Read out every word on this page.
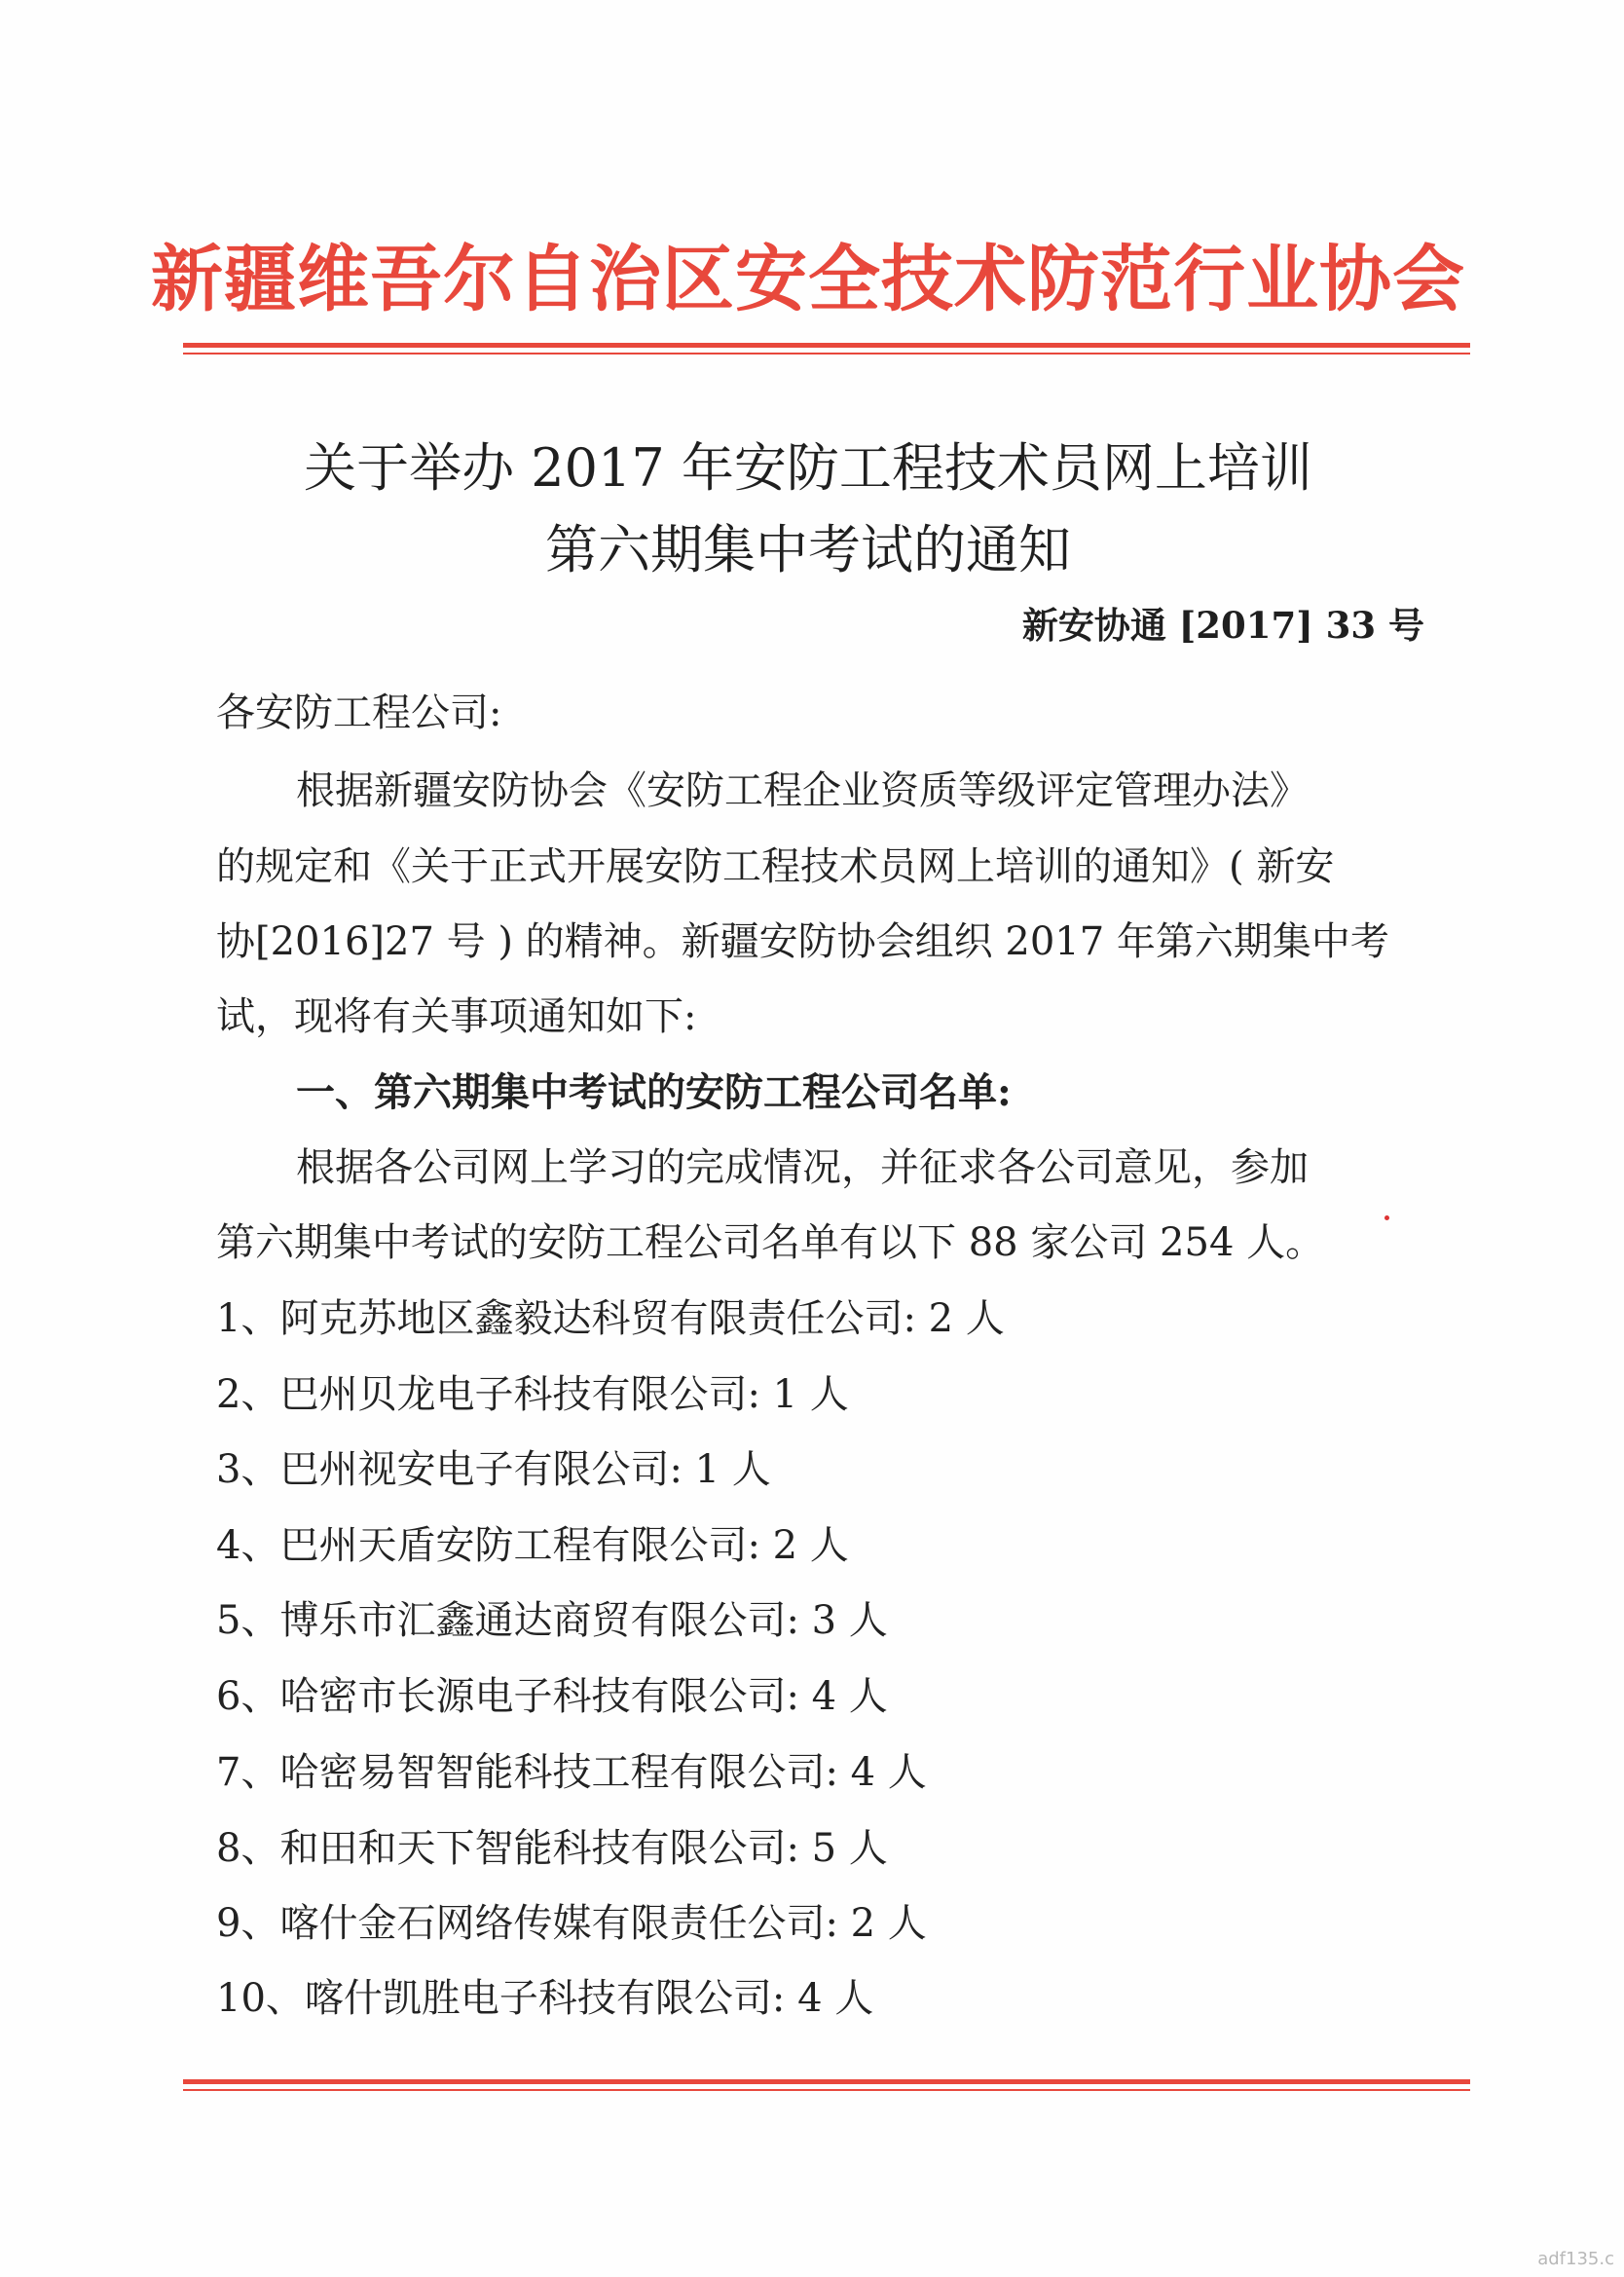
新疆维吾尔自治区安全技术防范行业协会
关于举办 2017 年安防工程技术员网上培训
第六期集中考试的通知
新安协通 [2017] 33 号
各安防工程公司:
根据新疆安防协会《安防工程企业资质等级评定管理办法》
的规定和《关于正式开展安防工程技术员网上培训的通知》( 新安
协[2016]27 号 ) 的精神。新疆安防协会组织 2017 年第六期集中考
试，现将有关事项通知如下:
一、第六期集中考试的安防工程公司名单:
根据各公司网上学习的完成情况，并征求各公司意见，参加
第六期集中考试的安防工程公司名单有以下 88 家公司 254 人。
1、阿克苏地区鑫毅达科贸有限责任公司: 2 人
2、巴州贝龙电子科技有限公司: 1 人
3、巴州视安电子有限公司: 1 人
4、巴州天盾安防工程有限公司: 2 人
5、博乐市汇鑫通达商贸有限公司: 3 人
6、哈密市长源电子科技有限公司: 4 人
7、哈密易智智能科技工程有限公司: 4 人
8、和田和天下智能科技有限公司: 5 人
9、喀什金石网络传媒有限责任公司: 2 人
10、喀什凯胜电子科技有限公司: 4 人
adf135.c
